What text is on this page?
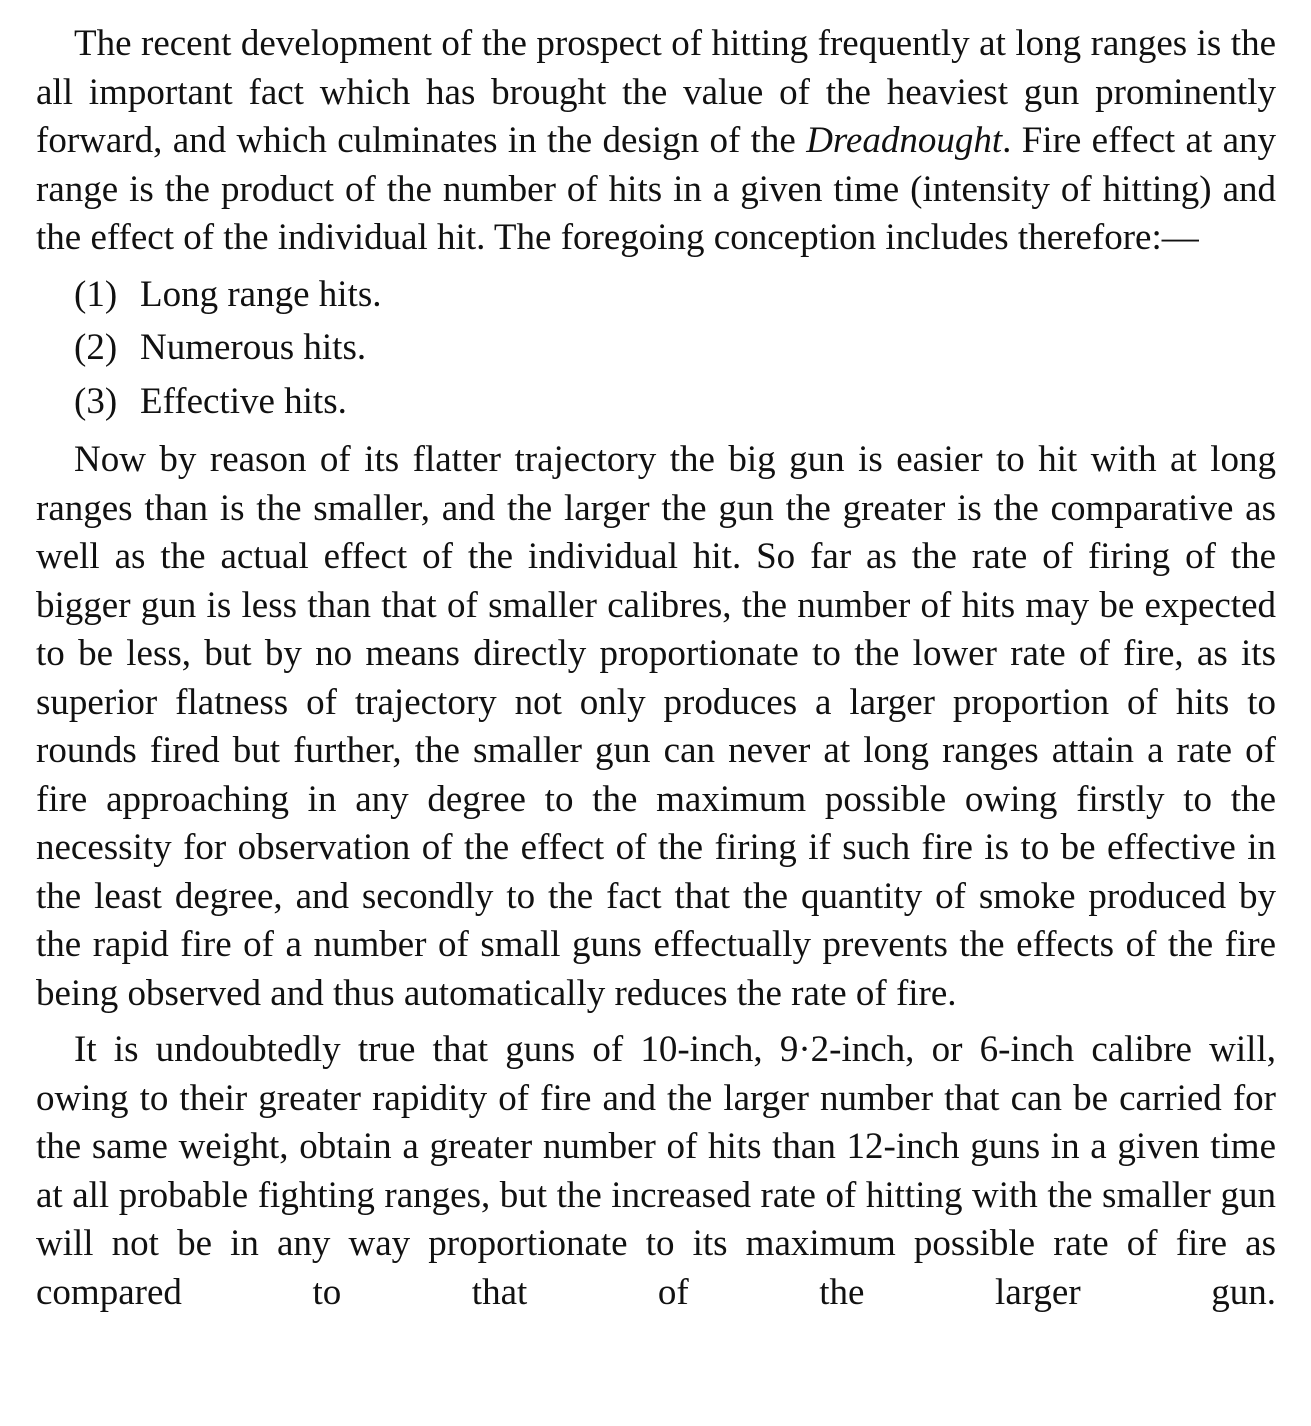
The recent development of the prospect of hitting frequently at long ranges is the all important fact which has brought the value of the heaviest gun prominently forward, and which culminates in the design of the Dreadnought. Fire effect at any range is the product of the number of hits in a given time (intensity of hitting) and the effect of the individual hit. The foregoing conception includes therefore:—

(1) Long range hits.
(2) Numerous hits.
(3) Effective hits.

Now by reason of its flatter trajectory the big gun is easier to hit with at long ranges than is the smaller, and the larger the gun the greater is the comparative as well as the actual effect of the individual hit. So far as the rate of firing of the bigger gun is less than that of smaller calibres, the number of hits may be expected to be less, but by no means directly proportionate to the lower rate of fire, as its superior flatness of trajectory not only produces a larger proportion of hits to rounds fired but further, the smaller gun can never at long ranges attain a rate of fire approaching in any degree to the maximum possible owing firstly to the necessity for observation of the effect of the firing if such fire is to be effective in the least degree, and secondly to the fact that the quantity of smoke produced by the rapid fire of a number of small guns effectually prevents the effects of the fire being observed and thus automatically reduces the rate of fire.

It is undoubtedly true that guns of 10-inch, 9·2-inch, or 6-inch calibre will, owing to their greater rapidity of fire and the larger number that can be carried for the same weight, obtain a greater number of hits than 12-inch guns in a given time at all probable fighting ranges, but the increased rate of hitting with the smaller gun will not be in any way proportionate to its maximum possible rate of fire as compared to that of the larger gun.
